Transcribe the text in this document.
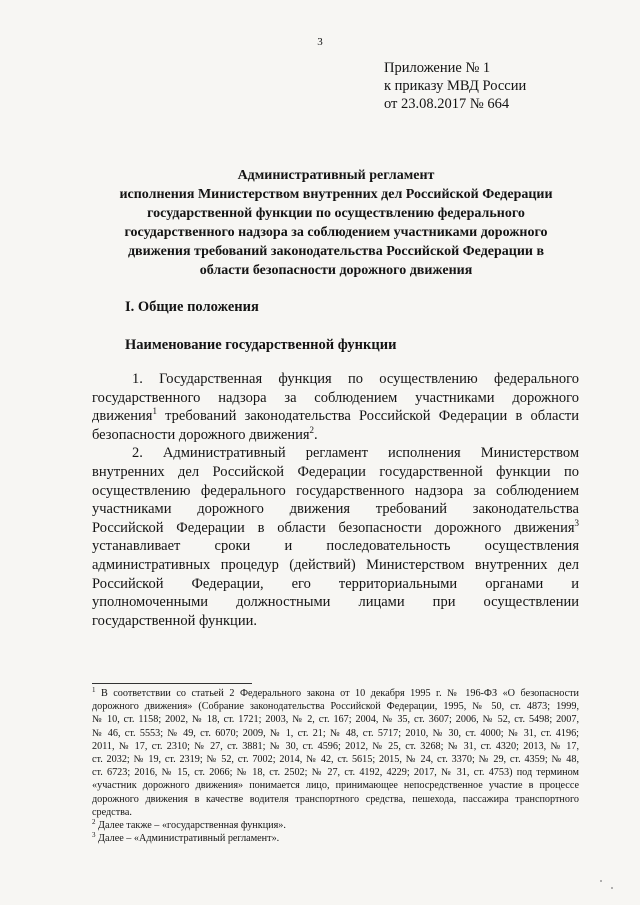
3
Приложение № 1
к приказу МВД России
от 23.08.2017 № 664
Административный регламент
исполнения Министерством внутренних дел Российской Федерации
государственной функции по осуществлению федерального
государственного надзора за соблюдением участниками дорожного
движения требований законодательства Российской Федерации в
области безопасности дорожного движения
I. Общие положения
Наименование государственной функции
1. Государственная функция по осуществлению федерального
государственного надзора за соблюдением участниками дорожного
движения$^1$ требований законодательства Российской Федерации в области
безопасности дорожного движения$^2$.
2. Административный регламент исполнения Министерством
внутренних дел Российской Федерации государственной функции по
осуществлению федерального государственного надзора за соблюдением
участниками дорожного движения требований законодательства
Российской Федерации в области безопасности дорожного движения$^3$
устанавливает сроки и последовательность осуществления
административных процедур (действий) Министерством внутренних дел
Российской Федерации, его территориальными органами и
уполномоченными должностными лицами при осуществлении
государственной функции.
$^1$ В соответствии со статьей 2 Федерального закона от 10 декабря 1995 г. № 196-ФЗ «О безопасности
дорожного движения» (Собрание законодательства Российской Федерации, 1995, № 50, ст. 4873; 1999,
№ 10, ст. 1158; 2002, № 18, ст. 1721; 2003, № 2, ст. 167; 2004, № 35, ст. 3607; 2006, № 52, ст. 5498; 2007,
№ 46, ст. 5553; № 49, ст. 6070; 2009, № 1, ст. 21; № 48, ст. 5717; 2010, № 30, ст. 4000; № 31, ст. 4196;
2011, № 17, ст. 2310; № 27, ст. 3881; № 30, ст. 4596; 2012, № 25, ст. 3268; № 31, ст. 4320; 2013, № 17,
ст. 2032; № 19, ст. 2319; № 52, ст. 7002; 2014, № 42, ст. 5615; 2015, № 24, ст. 3370; № 29, ст. 4359; № 48,
ст. 6723; 2016, № 15, ст. 2066; № 18, ст. 2502; № 27, ст. 4192, 4229; 2017, № 31, ст. 4753) под термином
«участник дорожного движения» понимается лицо, принимающее непосредственное участие в процессе
дорожного движения в качестве водителя транспортного средства, пешехода, пассажира транспортного
средства.
$^2$ Далее также – «государственная функция».
$^3$ Далее – «Административный регламент».
